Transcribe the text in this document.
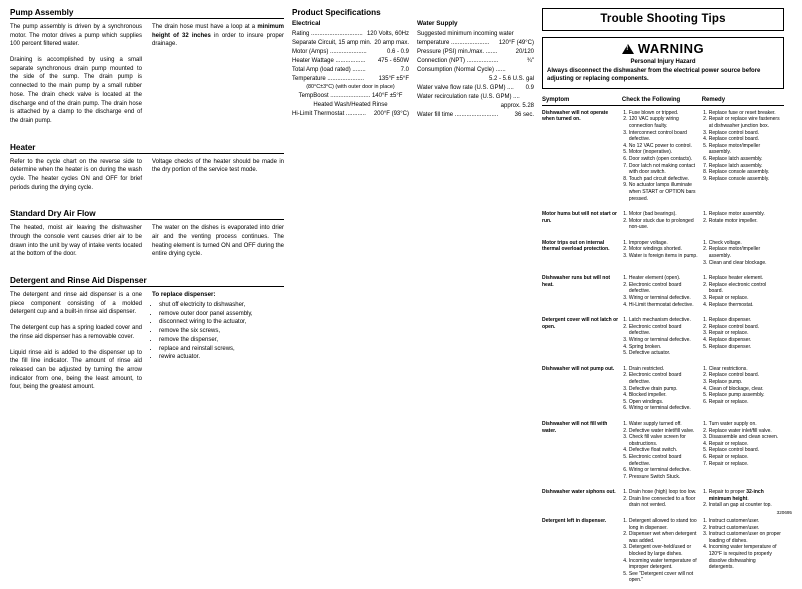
Pump Assembly
The pump assembly is driven by a synchronous motor. The motor drives a pump which supplies 100 percent filtered water.
Draining is accomplished by using a small separate synchronous drain pump mounted to the side of the sump. The drain pump is connected to the main pump by a small rubber hose. The drain check valve is located at the discharge end of the drain pump. The drain hose is attached by a clamp to the discharge end of the drain pump.
The drain hose must have a loop at a minimum height of 32 inches in order to insure proper drainage.
Heater
Refer to the cycle chart on the reverse side to determine when the heater is on during the wash cycle. The heater cycles ON and OFF for brief periods during the drying cycle.
Voltage checks of the heater should be made in the dry portion of the service test mode.
Standard Dry Air Flow
The heated, moist air leaving the dishwasher through the console vent causes drier air to be drawn into the unit by way of intake vents located at the bottom of the door.
The water on the dishes is evaporated into drier air and the venting process continues. The heating element is turned ON and OFF during the entire drying cycle.
Detergent and Rinse Aid Dispenser
The detergent and rinse aid dispenser is a one piece component consisting of a molded detergent cup and a built-in rinse aid dispenser.
The detergent cup has a spring loaded cover and the rinse aid dispenser has a removable cover.
Liquid rinse aid is added to the dispenser up to the fill line indicator. The amount of rinse aid released can be adjusted by turning the arrow indicator from one, being the least amount, to four, being the greatest amount.
To replace dispenser:
• shut off electricity to dishwasher,
• remove outer door panel assembly,
• disconnect wiring to the actuator,
• remove the six screws,
• remove the dispenser,
• replace and reinstall screws,
• rewire actuator.
Product Specifications
Electrical
Rating ............................... 120 Volts, 60Hz
Separate Circuit, 15 amp min. 20 amp max.
Motor (Amps) ......................	0.6 - 0.9
Heater Wattage ..................	475 - 650W
Total Amp (load rated) ........	7.0
Temperature ......................	135°F ±5°F
(80°C±3°C) (with outer door in place)
TempBoost ........................ 140°F ±5°F
Heated Wash/Heated Rinse
Hi-Limit Thermostat ............	200°F (93°C)
Water Supply
Suggested minimum incoming water
temperature .......................	120°F (49°C)
Pressure (PSI) min./max. .......	20/120
Connection (NPT) ...................	¾"
Consumption (Normal Cycle) ......
5.2 - 5.6 U.S. gal
Water valve flow rate (U.S. GPM) ....	0.9
Water recirculation rate (U.S. GPM) ....
approx. 5.28
Water fill time ..........................	36 sec.
Trouble Shooting Tips
!
WARNING
Personal Injury Hazard
Always disconnect the dishwasher from the electrical power source before adjusting or replacing components.
Symptom	Check the Following	Remedy
Dishwasher will not operate when turned on.	
1. Fuse blown or tripped.
2. 120 VAC supply wiring connection faulty.
3. Interconnect control board defective.
4. No 12 VAC power to control.
5. Motor (inoperative).
6. Door switch (open contacts).
7. Door latch not making contact with door switch.
8. Touch pad circuit defective.
9. No actuator lamps illuminate when START or OPTION bars pressed.

1. Replace fuse or reset breaker.
2. Repair or replace wire fasteners at dishwasher junction box.
3. Replace control board.
4. Replace control board.
5. Replace motor/impeller assembly.
6. Replace latch assembly.
7. Replace latch assembly.
8. Replace console assembly.
9. Replace console assembly.

Motor hums but will not start or run.	
1. Motor (bad bearings).
2. Motor stuck due to prolonged non-use.

1. Replace motor assembly.
2. Rotate motor impeller.

Motor trips out on internal thermal overload protection.	
1. Improper voltage.
2. Motor windings shorted.
3. Water is foreign items in pump.

1. Check voltage.
2. Replace motor/impeller assembly.
3. Clean and clear blockage.

Dishwasher runs but will not heat.	
1. Heater element (open).
2. Electronic control board defective.
3. Wiring or terminal defective.
4. Hi-Limit thermostat defective.

1. Replace heater element.
2. Replace electronic control board.
3. Repair or replace.
4. Replace thermostat.

Detergent cover will not latch or open.	
1. Latch mechanism detective.
2. Electronic control board defective.
3. Wiring or terminal defective.
4. Spring broken.
5. Defective actuator.

1. Replace dispenser.
2. Replace control board.
3. Repair or replace.
4. Replace dispenser.
5. Replace dispenser.

Dishwasher will not pump out.	
1.Drain restricted.
2. Electronic control board defective.
3. Defective drain pump.
4. Blocked impeller.
5. Open windings.
6. Wiring or terminal defective.

1. Clear restrictions.
2. Replace control board.
3. Replace pump.
4. Clean of blockage, clear.
5. Replace pump assembly.
6. Repair or replace.

Dishwasher will not fill with water.	
1. Water supply turned off.
2. Defective water inlet/fill valve.
3. Check fill valve screen for obstructions.
4. Defective float switch.
5. Electronic control board defective.
6. Wiring or terminal defective.
7. Pressure Switch Stuck.

1. Turn water supply on.
2. Replace water inlet/fill valve.
3. Disassemble and clean screen.
4. Repair or replace.
5. Replace control board.
6. Repair or replace.
7. Repair or replace.

Dishwasher water siphons out.	
1.Drain hose (high) loop too low.
2. Drain line connected to a floor drain not vented.

1. Repair to proper 32-inch minimum height.
2. Install an gap at counter top.

Detergent left in dispenser.	
1.Detergent allowed to stand too long in dispenser.
2. Dispenser wet when detergent was added.
3. Detergent over-held/used or blocked by large dishes.
4. Incoming water temperature of improper detergent.
5. See "Detergent cover will not open."

1. Instruct customer/user.
2. Instruct customer/user.
3. Instruct customer/user on proper loading of dishes.
4. Incoming water temperature of 120°F is required to properly dissolve dishwashing detergents.
320695
